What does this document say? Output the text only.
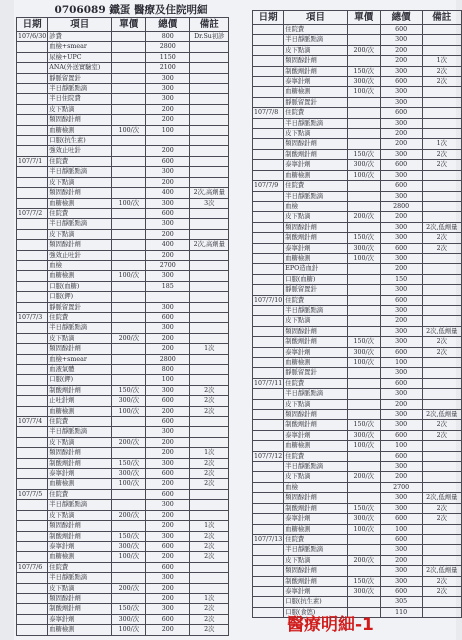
0706089 鐵蛋 醫療及住院明細
日期	項目	單價	總價	備註
107/6/30	診費		800	Dr.Su初診
	血檢+smear		2800	
	尿檢+UPC		1150	
	ANA(外送實驗室)		2100	
	靜脈留置針		300	
	半日靜脈點滴		300	
	半日住院費		300	
	皮下點滴		200	
	類固醇針劑		200	
	血糖檢測	100/次	100	
	口服(抗生素)			
	強效止吐針		200	
107/7/1	住院費		600	
	半日靜脈點滴		300	
	皮下點滴		200	
	類固醇針劑		400	2次,高劑量
	血糖檢測	100/次	300	3次
107/7/2	住院費		600	
	半日靜脈點滴		300	
	皮下點滴		200	
	類固醇針劑		400	2次,高劑量
	強效止吐針		200	
	血檢		2700	
	血糖檢測	100/次	300	
	口服(血糖)		185	
	口服(鉀)			
	靜脈留置針		300	
107/7/3	住院費		600	
	半日靜脈點滴		300	
	皮下點滴	200/次	200	
	類固醇針劑		200	1次
	血檢+smear		2800	
	血液氣體		800	
	口服(鉀)		100	
	制酸劑針劑	150/次	300	2次
	止吐針劑	300/次	600	2次
	血糖檢測	100/次	200	2次
107/7/4	住院費		600	
	半日靜脈點滴		300	
	皮下點滴	200/次	200	
	類固醇針劑		200	1次
	制酸劑針劑	150/次	300	2次
	泰寧針劑	300/次	600	2次
	血糖檢測	100/次	200	2次
107/7/5	住院費		600	
	半日靜脈點滴		300	
	皮下點滴	200/次	200	
	類固醇針劑		200	1次
	制酸劑針劑	150/次	300	2次
	泰寧針劑	300/次	600	2次
	血糖檢測	100/次	200	2次
107/7/6	住院費		600	
	半日靜脈點滴		300	
	皮下點滴	200/次	200	
	類固醇針劑		200	1次
	制酸劑針劑	150/次	300	2次
	泰寧針劑	300/次	600	2次
	血糖檢測	100/次	200	2次
日期	項目	單價	總價	備註
	住院費		600	
	半日靜脈點滴		300	
	皮下點滴	200/次	200	
	類固醇針劑		200	1次
	制酸劑針劑	150/次	300	2次
	泰寧針劑	300/次	600	2次
	血糖檢測	100/次	300	
	靜脈留置針		300	
107/7/8	住院費		600	
	半日靜脈點滴		300	
	皮下點滴		200	
	類固醇針劑		200	1次
	制酸劑針劑	150/次	300	2次
	泰寧針劑	300/次	600	2次
	血糖檢測	100/次	300	
107/7/9	住院費		600	
	半日靜脈點滴		300	
	血檢		2800	
	皮下點滴	200/次	200	
	類固醇針劑		300	2次,低劑量
	制酸劑針劑	150/次	300	2次
	泰寧針劑	300/次	600	2次
	血糖檢測	100/次	300	
	EPO造血針		200	
	口服(血糖)		150	
	靜脈留置針		300	
107/7/10	住院費		600	
	半日靜脈點滴		300	
	皮下點滴		200	
	類固醇針劑		300	2次,低劑量
	制酸劑針劑	150/次	300	2次
	泰寧針劑	300/次	600	2次
	血糖檢測	100/次	100	
	靜脈留置針		300	
107/7/11	住院費		600	
	半日靜脈點滴		300	
	皮下點滴		200	
	類固醇針劑		300	2次,低劑量
	制酸劑針劑	150/次	300	2次
	泰寧針劑	300/次	600	2次
	血糖檢測	100/次	100	
107/7/12	住院費		600	
	半日靜脈點滴		300	
	皮下點滴	200/次	200	
	血檢		2700	
	類固醇針劑		300	2次,低劑量
	制酸劑針劑	150/次	300	2次
	泰寧針劑	300/次	600	2次
	血糖檢測	100/次	100	
107/7/13	住院費		600	
	半日靜脈點滴		300	
	皮下點滴	200/次	200	
	類固醇針劑		300	2次,低劑量
	制酸劑針劑	150/次	300	2次
	泰寧針劑	300/次	600	2次
	口服(抗生素)		305	
	口服(食慾)		110	
醫療明細-1
